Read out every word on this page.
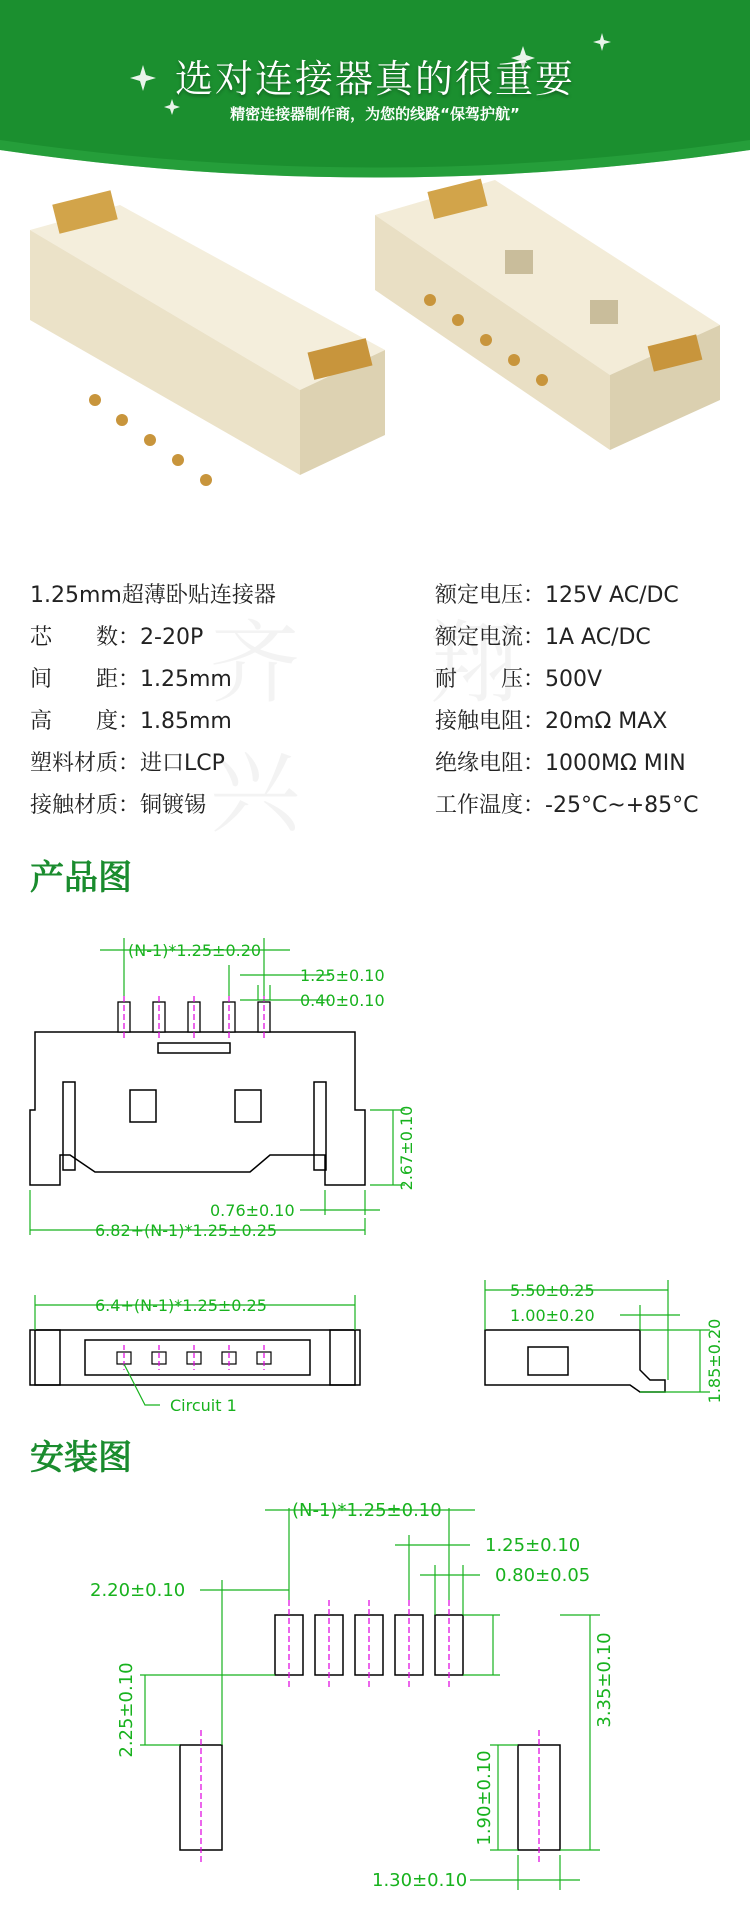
选对连接器真的很重要
精密连接器制作商，为您的线路“保驾护航”
1.25mm超薄卧贴连接器
芯　　数：2-20P
间　　距：1.25mm
高　　度：1.85mm
塑料材质：进口LCP
接触材质：铜镀锡
额定电压：125V AC/DC
额定电流：1A AC/DC
耐　　压：500V
接触电阻：20mΩ MAX
绝缘电阻：1000MΩ MIN
工作温度：-25°C~+85°C
产品图
(N-1)*1.25±0.20
1.25±0.10
0.40±0.10
2.67±0.10
0.76±0.10
6.82+(N-1)*1.25±0.25
6.4+(N-1)*1.25±0.25
Circuit 1
5.50±0.25
1.00±0.20
1.85±0.20
安装图
(N-1)*1.25±0.10
1.25±0.10
0.80±0.05
2.20±0.10
2.25±0.10
1.90±0.10
3.35±0.10
1.30±0.10
